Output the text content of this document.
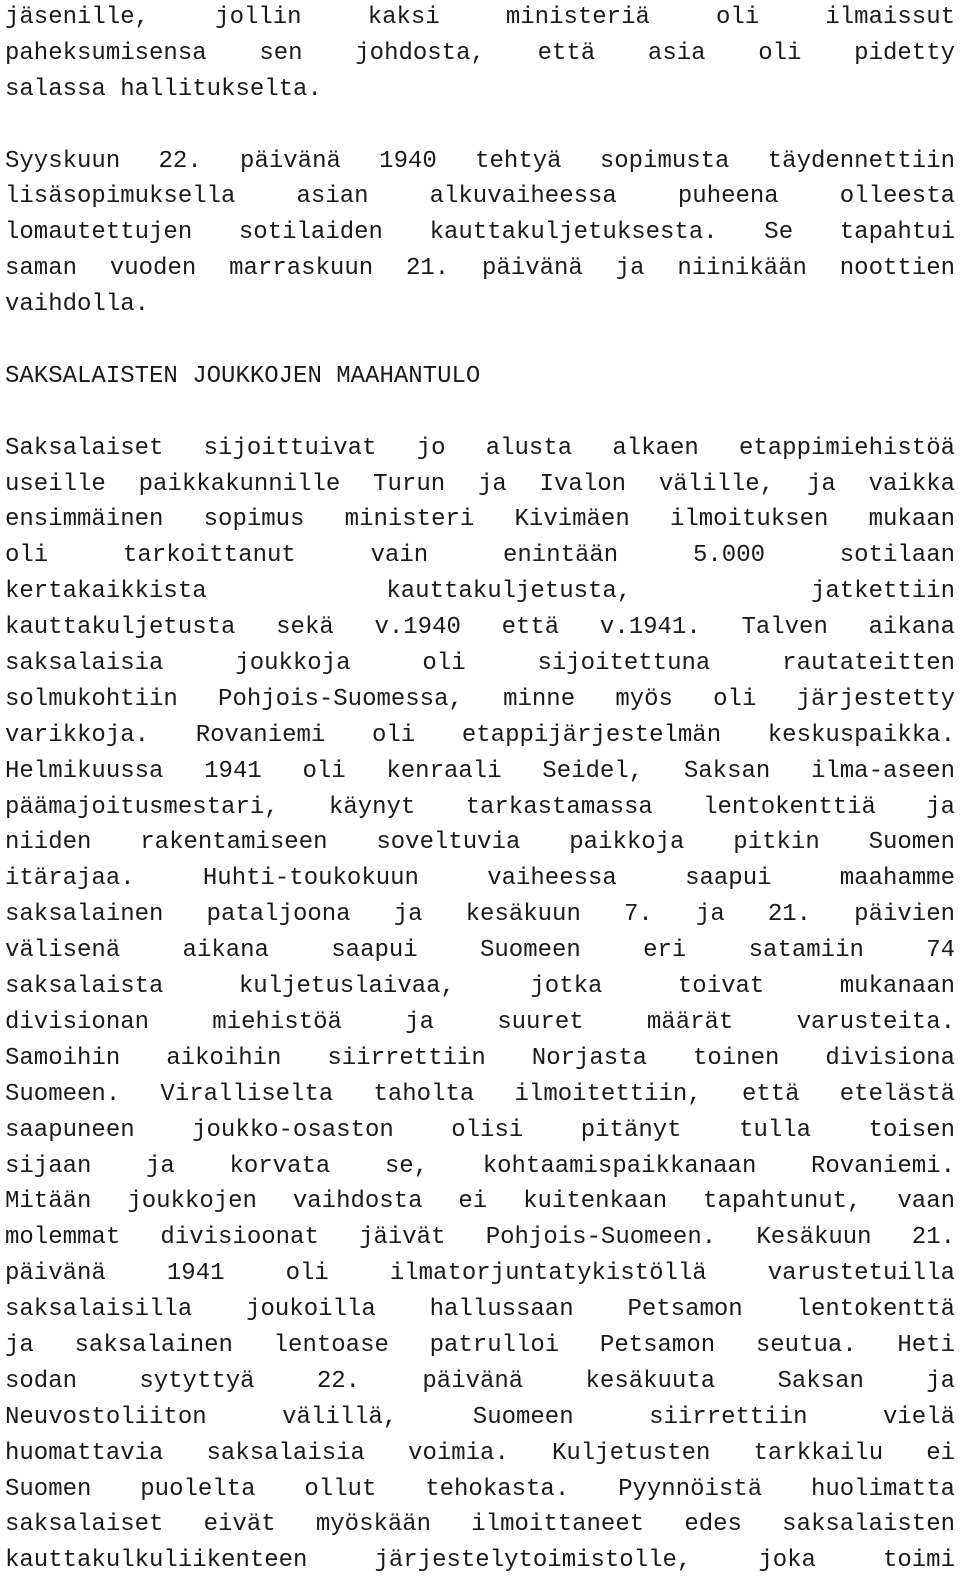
jäsenille, jollin kaksi ministeriä oli ilmaissut
paheksumisensa sen johdosta, että asia oli pidetty
salassa hallitukselta.
Syyskuun 22. päivänä 1940 tehtyä sopimusta täydennettiin
lisäsopimuksella asian alkuvaiheessa puheena olleesta
lomautettujen sotilaiden kauttakuljetuksesta. Se tapahtui
saman vuoden marraskuun 21. päivänä ja niinikään noottien
vaihdolla.
SAKSALAISTEN JOUKKOJEN MAAHANTULO
Saksalaiset sijoittuivat jo alusta alkaen etappimiehistöä
useille paikkakunnille Turun ja Ivalon välille, ja vaikka
ensimmäinen sopimus ministeri Kivimäen ilmoituksen mukaan
oli tarkoittanut vain enintään 5.000 sotilaan
kertakaikkista kauttakuljetusta, jatkettiin
kauttakuljetusta sekä v.1940 että v.1941. Talven aikana
saksalaisia joukkoja oli sijoitettuna rautateitten
solmukohtiin Pohjois-Suomessa, minne myös oli järjestetty
varikkoja. Rovaniemi oli etappijärjestelmän keskuspaikka.
Helmikuussa 1941 oli kenraali Seidel, Saksan ilma-aseen
päämajoitusmestari, käynyt tarkastamassa lentokenttiä ja
niiden rakentamiseen soveltuvia paikkoja pitkin Suomen
itärajaa. Huhti-toukokuun vaiheessa saapui maahamme
saksalainen pataljoona ja kesäkuun 7. ja 21. päivien
välisenä aikana saapui Suomeen eri satamiin 74
saksalaista kuljetuslaivaa, jotka toivat mukanaan
divisionan miehistöä ja suuret määrät varusteita.
Samoihin aikoihin siirrettiin Norjasta toinen divisiona
Suomeen. Viralliselta taholta ilmoitettiin, että etelästä
saapuneen joukko-osaston olisi pitänyt tulla toisen
sijaan ja korvata se, kohtaamispaikkanaan Rovaniemi.
Mitään joukkojen vaihdosta ei kuitenkaan tapahtunut, vaan
molemmat divisioonat jäivät Pohjois-Suomeen. Kesäkuun 21.
päivänä 1941 oli ilmatorjuntatykistöllä varustetuilla
saksalaisilla joukoilla hallussaan Petsamon lentokenttä
ja saksalainen lentoase patrulloi Petsamon seutua. Heti
sodan sytyttyä 22. päivänä kesäkuuta Saksan ja
Neuvostoliiton välillä, Suomeen siirrettiin vielä
huomattavia saksalaisia voimia. Kuljetusten tarkkailu ei
Suomen puolelta ollut tehokasta. Pyynnöistä huolimatta
saksalaiset eivät myöskään ilmoittaneet edes saksalaisten
kauttakulkuliikenteen järjestelytoimistolle, joka toimi
